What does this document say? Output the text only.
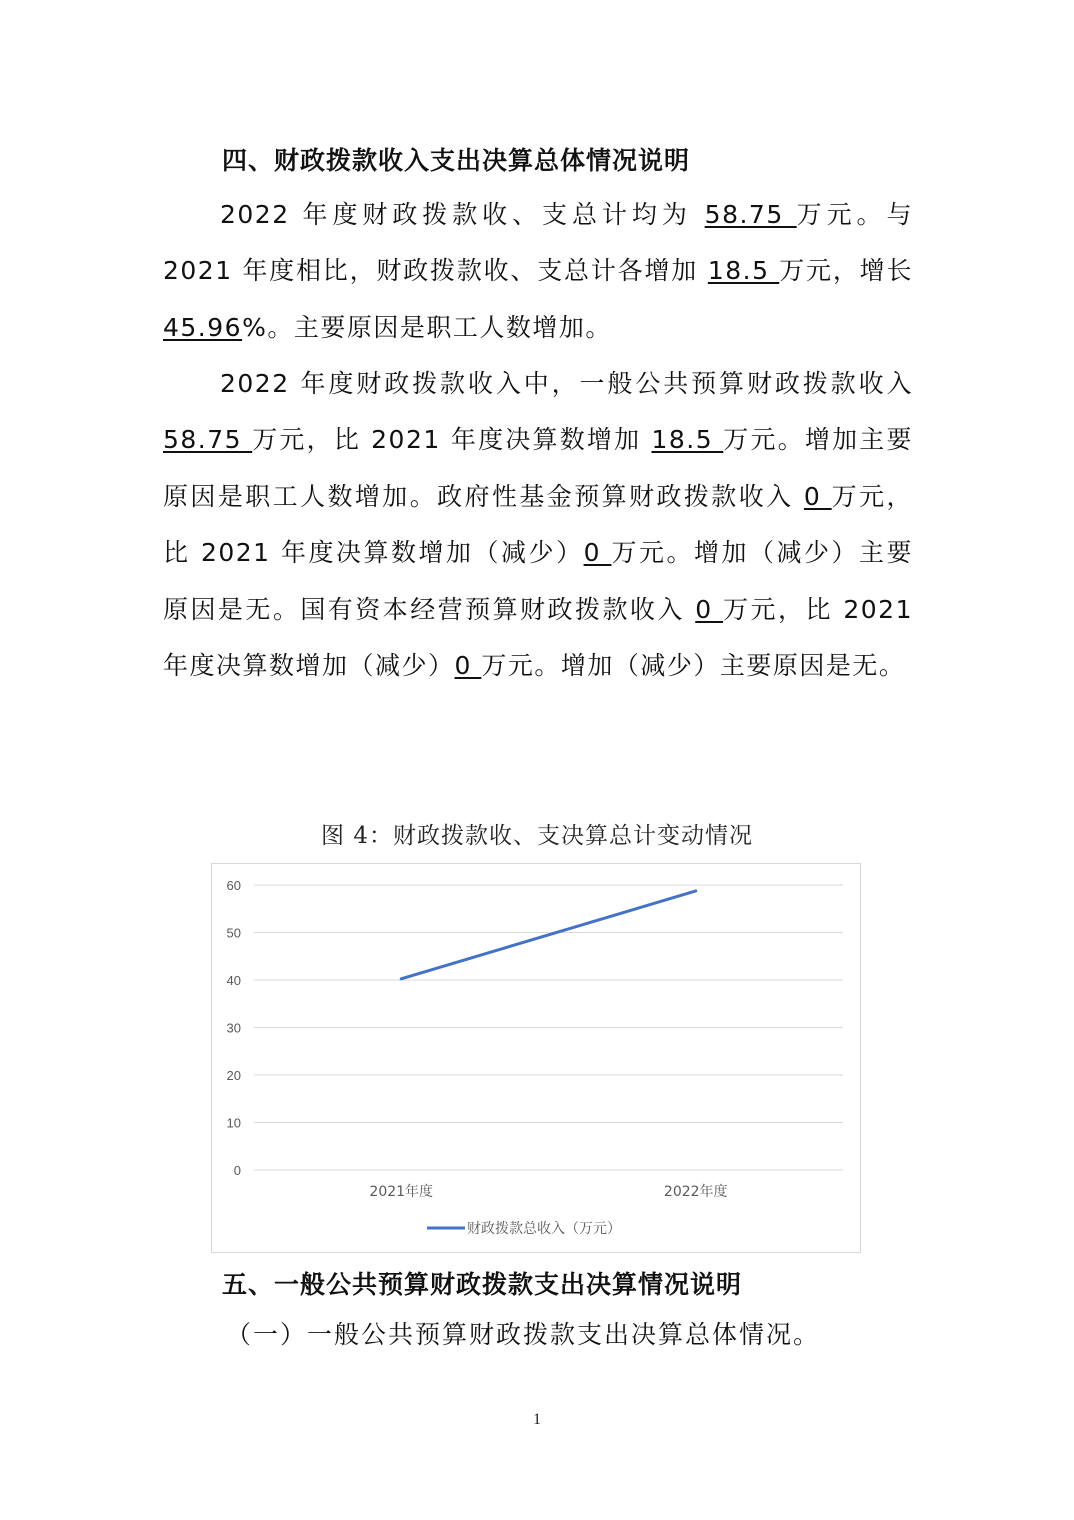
四、财政拨款收入支出决算总体情况说明

2022 年度财政拨款收、支总计均为 58.75 万元。与 2021 年度相比，财政拨款收、支总计各增加 18.5 万元，增长 45.96%。主要原因是职工人数增加。

2022 年度财政拨款收入中，一般公共预算财政拨款收入 58.75 万元，比 2021 年度决算数增加 18.5 万元。增加主要原因是职工人数增加。政府性基金预算财政拨款收入 0 万元，比 2021 年度决算数增加（减少）0 万元。增加（减少）主要原因是无。国有资本经营预算财政拨款收入 0 万元，比 2021 年度决算数增加（减少）0 万元。增加（减少）主要原因是无。

图 4：财政拨款收、支决算总计变动情况
0
10
20
30
40
50
60
2021年度	2022年度
财政拨款总收入（万元）
五、一般公共预算财政拨款支出决算情况说明
（一）一般公共预算财政拨款支出决算总体情况。
1
